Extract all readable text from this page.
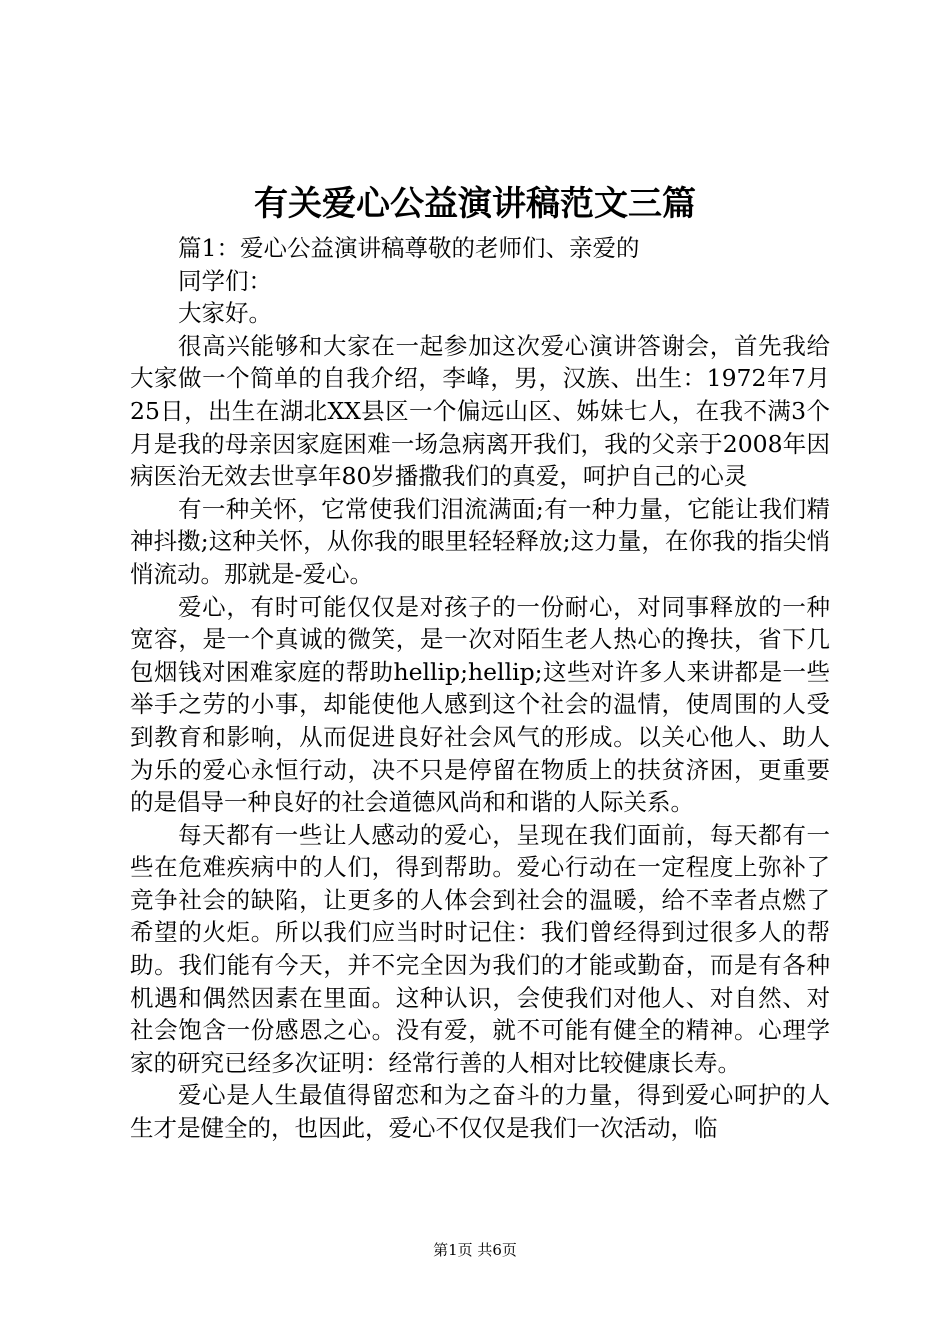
有关爱心公益演讲稿范文三篇

篇1：爱心公益演讲稿尊敬的老师们、亲爱的

同学们：

大家好。

很高兴能够和大家在一起参加这次爱心演讲答谢会，首先我给大家做一个简单的自我介绍，李峰，男，汉族、出生：1972年7月25日，出生在湖北XX县区一个偏远山区、姊妹七人，在我不满3个月是我的母亲因家庭困难一场急病离开我们，我的父亲于2008年因病医治无效去世享年80岁播撒我们的真爱，呵护自己的心灵

有一种关怀，它常使我们泪流满面;有一种力量，它能让我们精神抖擞;这种关怀，从你我的眼里轻轻释放;这力量，在你我的指尖悄悄流动。那就是-爱心。

爱心，有时可能仅仅是对孩子的一份耐心，对同事释放的一种宽容，是一个真诚的微笑，是一次对陌生老人热心的搀扶，省下几包烟钱对困难家庭的帮助hellip;hellip;这些对许多人来讲都是一些举手之劳的小事，却能使他人感到这个社会的温情，使周围的人受到教育和影响，从而促进良好社会风气的形成。以关心他人、助人为乐的爱心永恒行动，决不只是停留在物质上的扶贫济困，更重要的是倡导一种良好的社会道德风尚和和谐的人际关系。

每天都有一些让人感动的爱心，呈现在我们面前，每天都有一些在危难疾病中的人们，得到帮助。爱心行动在一定程度上弥补了竞争社会的缺陷，让更多的人体会到社会的温暖，给不幸者点燃了希望的火炬。所以我们应当时时记住：我们曾经得到过很多人的帮助。我们能有今天，并不完全因为我们的才能或勤奋，而是有各种机遇和偶然因素在里面。这种认识，会使我们对他人、对自然、对社会饱含一份感恩之心。没有爱，就不可能有健全的精神。心理学家的研究已经多次证明：经常行善的人相对比较健康长寿。

爱心是人生最值得留恋和为之奋斗的力量，得到爱心呵护的人生才是健全的，也因此，爱心不仅仅是我们一次活动，临

第1页 共6页
